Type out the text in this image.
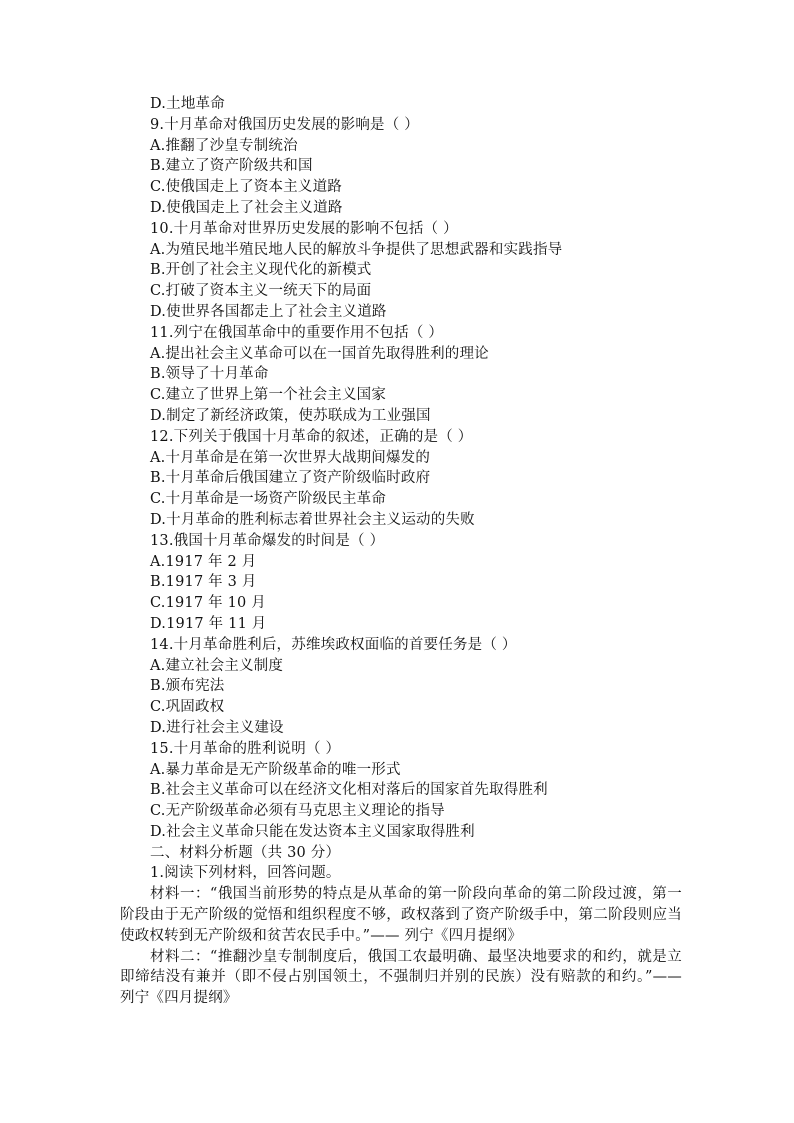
D.土地革命
9.十月革命对俄国历史发展的影响是（ ）
A.推翻了沙皇专制统治
B.建立了资产阶级共和国
C.使俄国走上了资本主义道路
D.使俄国走上了社会主义道路
10.十月革命对世界历史发展的影响不包括（ ）
A.为殖民地半殖民地人民的解放斗争提供了思想武器和实践指导
B.开创了社会主义现代化的新模式
C.打破了资本主义一统天下的局面
D.使世界各国都走上了社会主义道路
11.列宁在俄国革命中的重要作用不包括（ ）
A.提出社会主义革命可以在一国首先取得胜利的理论
B.领导了十月革命
C.建立了世界上第一个社会主义国家
D.制定了新经济政策，使苏联成为工业强国
12.下列关于俄国十月革命的叙述，正确的是（ ）
A.十月革命是在第一次世界大战期间爆发的
B.十月革命后俄国建立了资产阶级临时政府
C.十月革命是一场资产阶级民主革命
D.十月革命的胜利标志着世界社会主义运动的失败
13.俄国十月革命爆发的时间是（ ）
A.1917 年 2 月
B.1917 年 3 月
C.1917 年 10 月
D.1917 年 11 月
14.十月革命胜利后，苏维埃政权面临的首要任务是（ ）
A.建立社会主义制度
B.颁布宪法
C.巩固政权
D.进行社会主义建设
15.十月革命的胜利说明（ ）
A.暴力革命是无产阶级革命的唯一形式
B.社会主义革命可以在经济文化相对落后的国家首先取得胜利
C.无产阶级革命必须有马克思主义理论的指导
D.社会主义革命只能在发达资本主义国家取得胜利
二、材料分析题（共 30 分）
1.阅读下列材料，回答问题。
材料一：“俄国当前形势的特点是从革命的第一阶段向革命的第二阶段过渡，第一阶段由于无产阶级的觉悟和组织程度不够，政权落到了资产阶级手中，第二阶段则应当使政权转到无产阶级和贫苦农民手中。”—— 列宁《四月提纲》
材料二：“推翻沙皇专制制度后，俄国工农最明确、最坚决地要求的和约，就是立即缔结没有兼并（即不侵占别国领土，不强制归并别的民族）没有赔款的和约。”—— 列宁《四月提纲》
